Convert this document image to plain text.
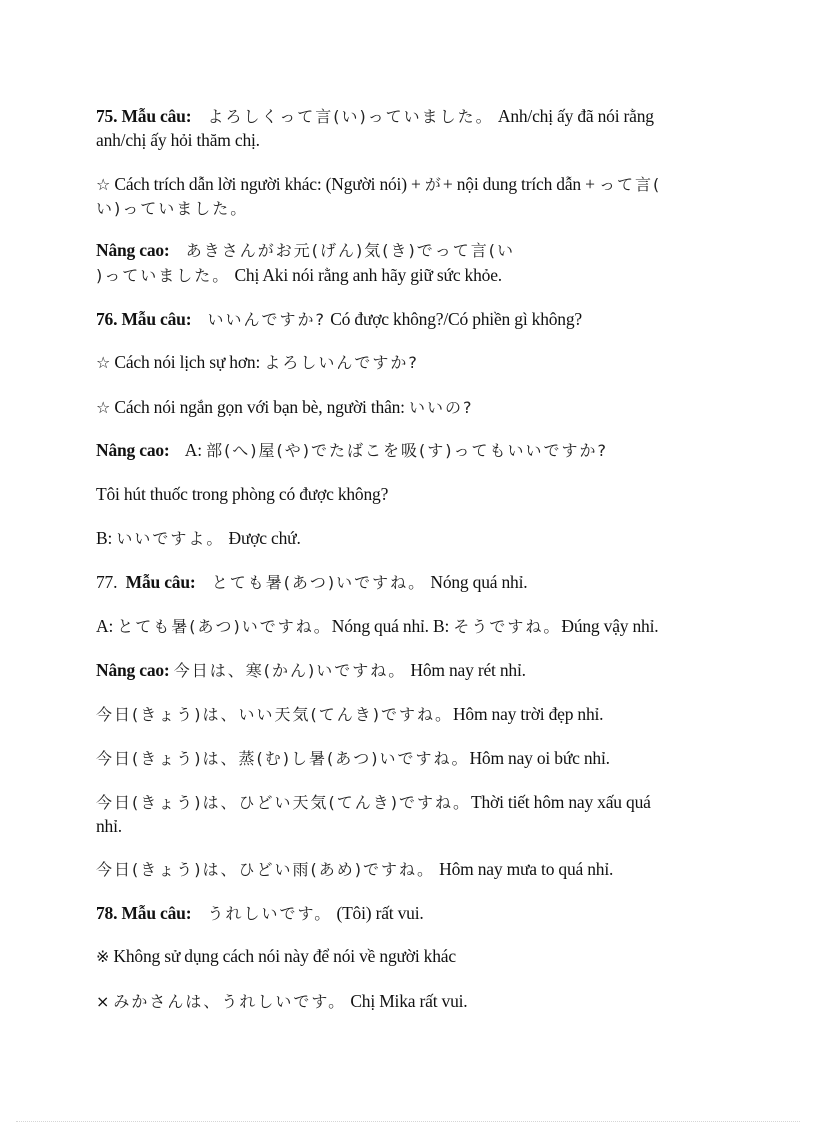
75. Mẫu câu: よろしくって言(い)っていました。 Anh/chị ấy đã nói rằng
anh/chị ấy hỏi thăm chị.
☆ Cách trích dẫn lời người khác: (Người nói) + が+ nội dung trích dẫn + って言(
い)っていました。
Nâng cao: あきさんがお元(げん)気(き)でって言(い
)っていました。 Chị Aki nói rằng anh hãy giữ sức khỏe.
76. Mẫu câu: いいんですか? Có được không?/Có phiền gì không?
☆ Cách nói lịch sự hơn: よろしいんですか?
☆ Cách nói ngắn gọn với bạn bè, người thân: いいの?
Nâng cao: A: 部(へ)屋(や)でたばこを吸(す)ってもいいですか?
Tôi hút thuốc trong phòng có được không?
B: いいですよ。 Được chứ.
77. Mẫu câu: とても暑(あつ)いですね。 Nóng quá nhỉ.
A: とても暑(あつ)いですね。Nóng quá nhỉ. B: そうですね。Đúng vậy nhỉ.
Nâng cao: 今日は、寒(かん)いですね。 Hôm nay rét nhỉ.
今日(きょう)は、いい天気(てんき)ですね。Hôm nay trời đẹp nhỉ.
今日(きょう)は、蒸(む)し暑(あつ)いですね。Hôm nay oi bức nhỉ.
今日(きょう)は、ひどい天気(てんき)ですね。Thời tiết hôm nay xấu quá
nhỉ.
今日(きょう)は、ひどい雨(あめ)ですね。 Hôm nay mưa to quá nhỉ.
78. Mẫu câu: うれしいです。 (Tôi) rất vui.
※ Không sử dụng cách nói này để nói về người khác
× みかさんは、うれしいです。 Chị Mika rất vui.
